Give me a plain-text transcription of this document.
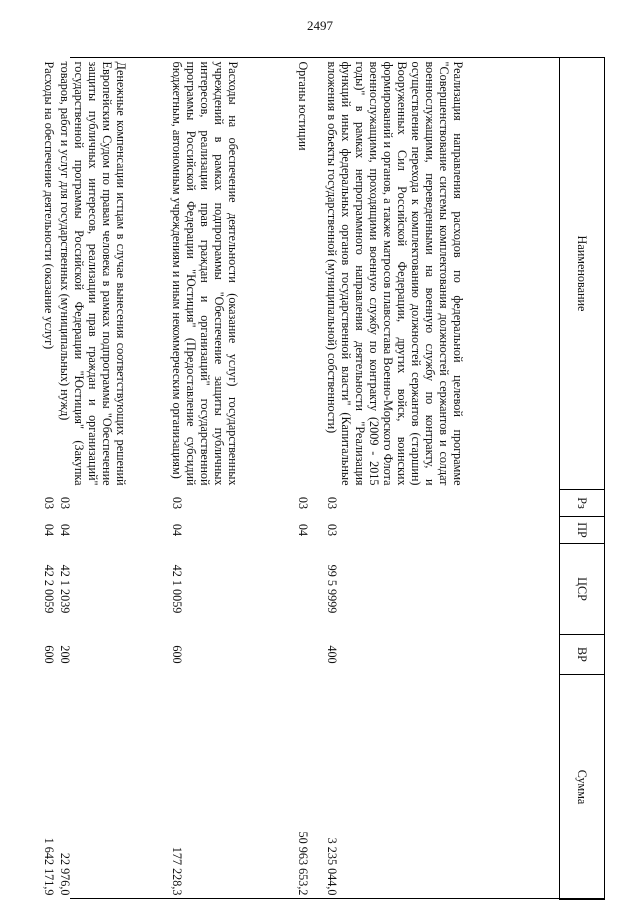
2497
Наименование	Рз	ПР	ЦСР	ВР	Сумма
Реализация направления расходов по федеральной целевой программе "Совершенствование системы комплектования должностей сержантов и солдат военнослужащими, переведенными на военную службу по контракту, и осуществление перехода к комплектованию должностей сержантов (старшин) Вооруженных Сил Российской Федерации, других войск, воинских формирований и органов, а также матросов плавсостава Военно-Морского Флота военнослужащими, проходящими военную службу по контракту (2009 - 2015 годы)" в рамках непрограммного направления деятельности "Реализация функций иных федеральных органов государственной власти" (Капитальные вложения в объекты государственной (муниципальной) собственности)	03	03	99 5 9999	400	3 235 044,0
Органы юстиции	03	04			50 963 653,2
Расходы на обеспечение деятельности (оказание услуг) государственных учреждений в рамках подпрограммы "Обеспечение защиты публичных интересов, реализации прав граждан и организаций" государственной программы Российской Федерации "Юстиция" (Предоставление субсидий бюджетным, автономным учреждениям и иным некоммерческим организациям)	03	04	42 1 0059	600	177 228,3
Денежные компенсации истцам в случае вынесения соответствующих решений Европейским Судом по правам человека в рамках подпрограммы "Обеспечение защиты публичных интересов, реализации прав граждан и организаций" государственной программы Российской Федерации "Юстиция" (Закупка товаров, работ и услуг для государственных (муниципальных) нужд)	03	04	42 1 2039	200	22 976,0
Расходы на обеспечение деятельности (оказание услуг)	03	04	42 2 0059	600	1 642 171,9
